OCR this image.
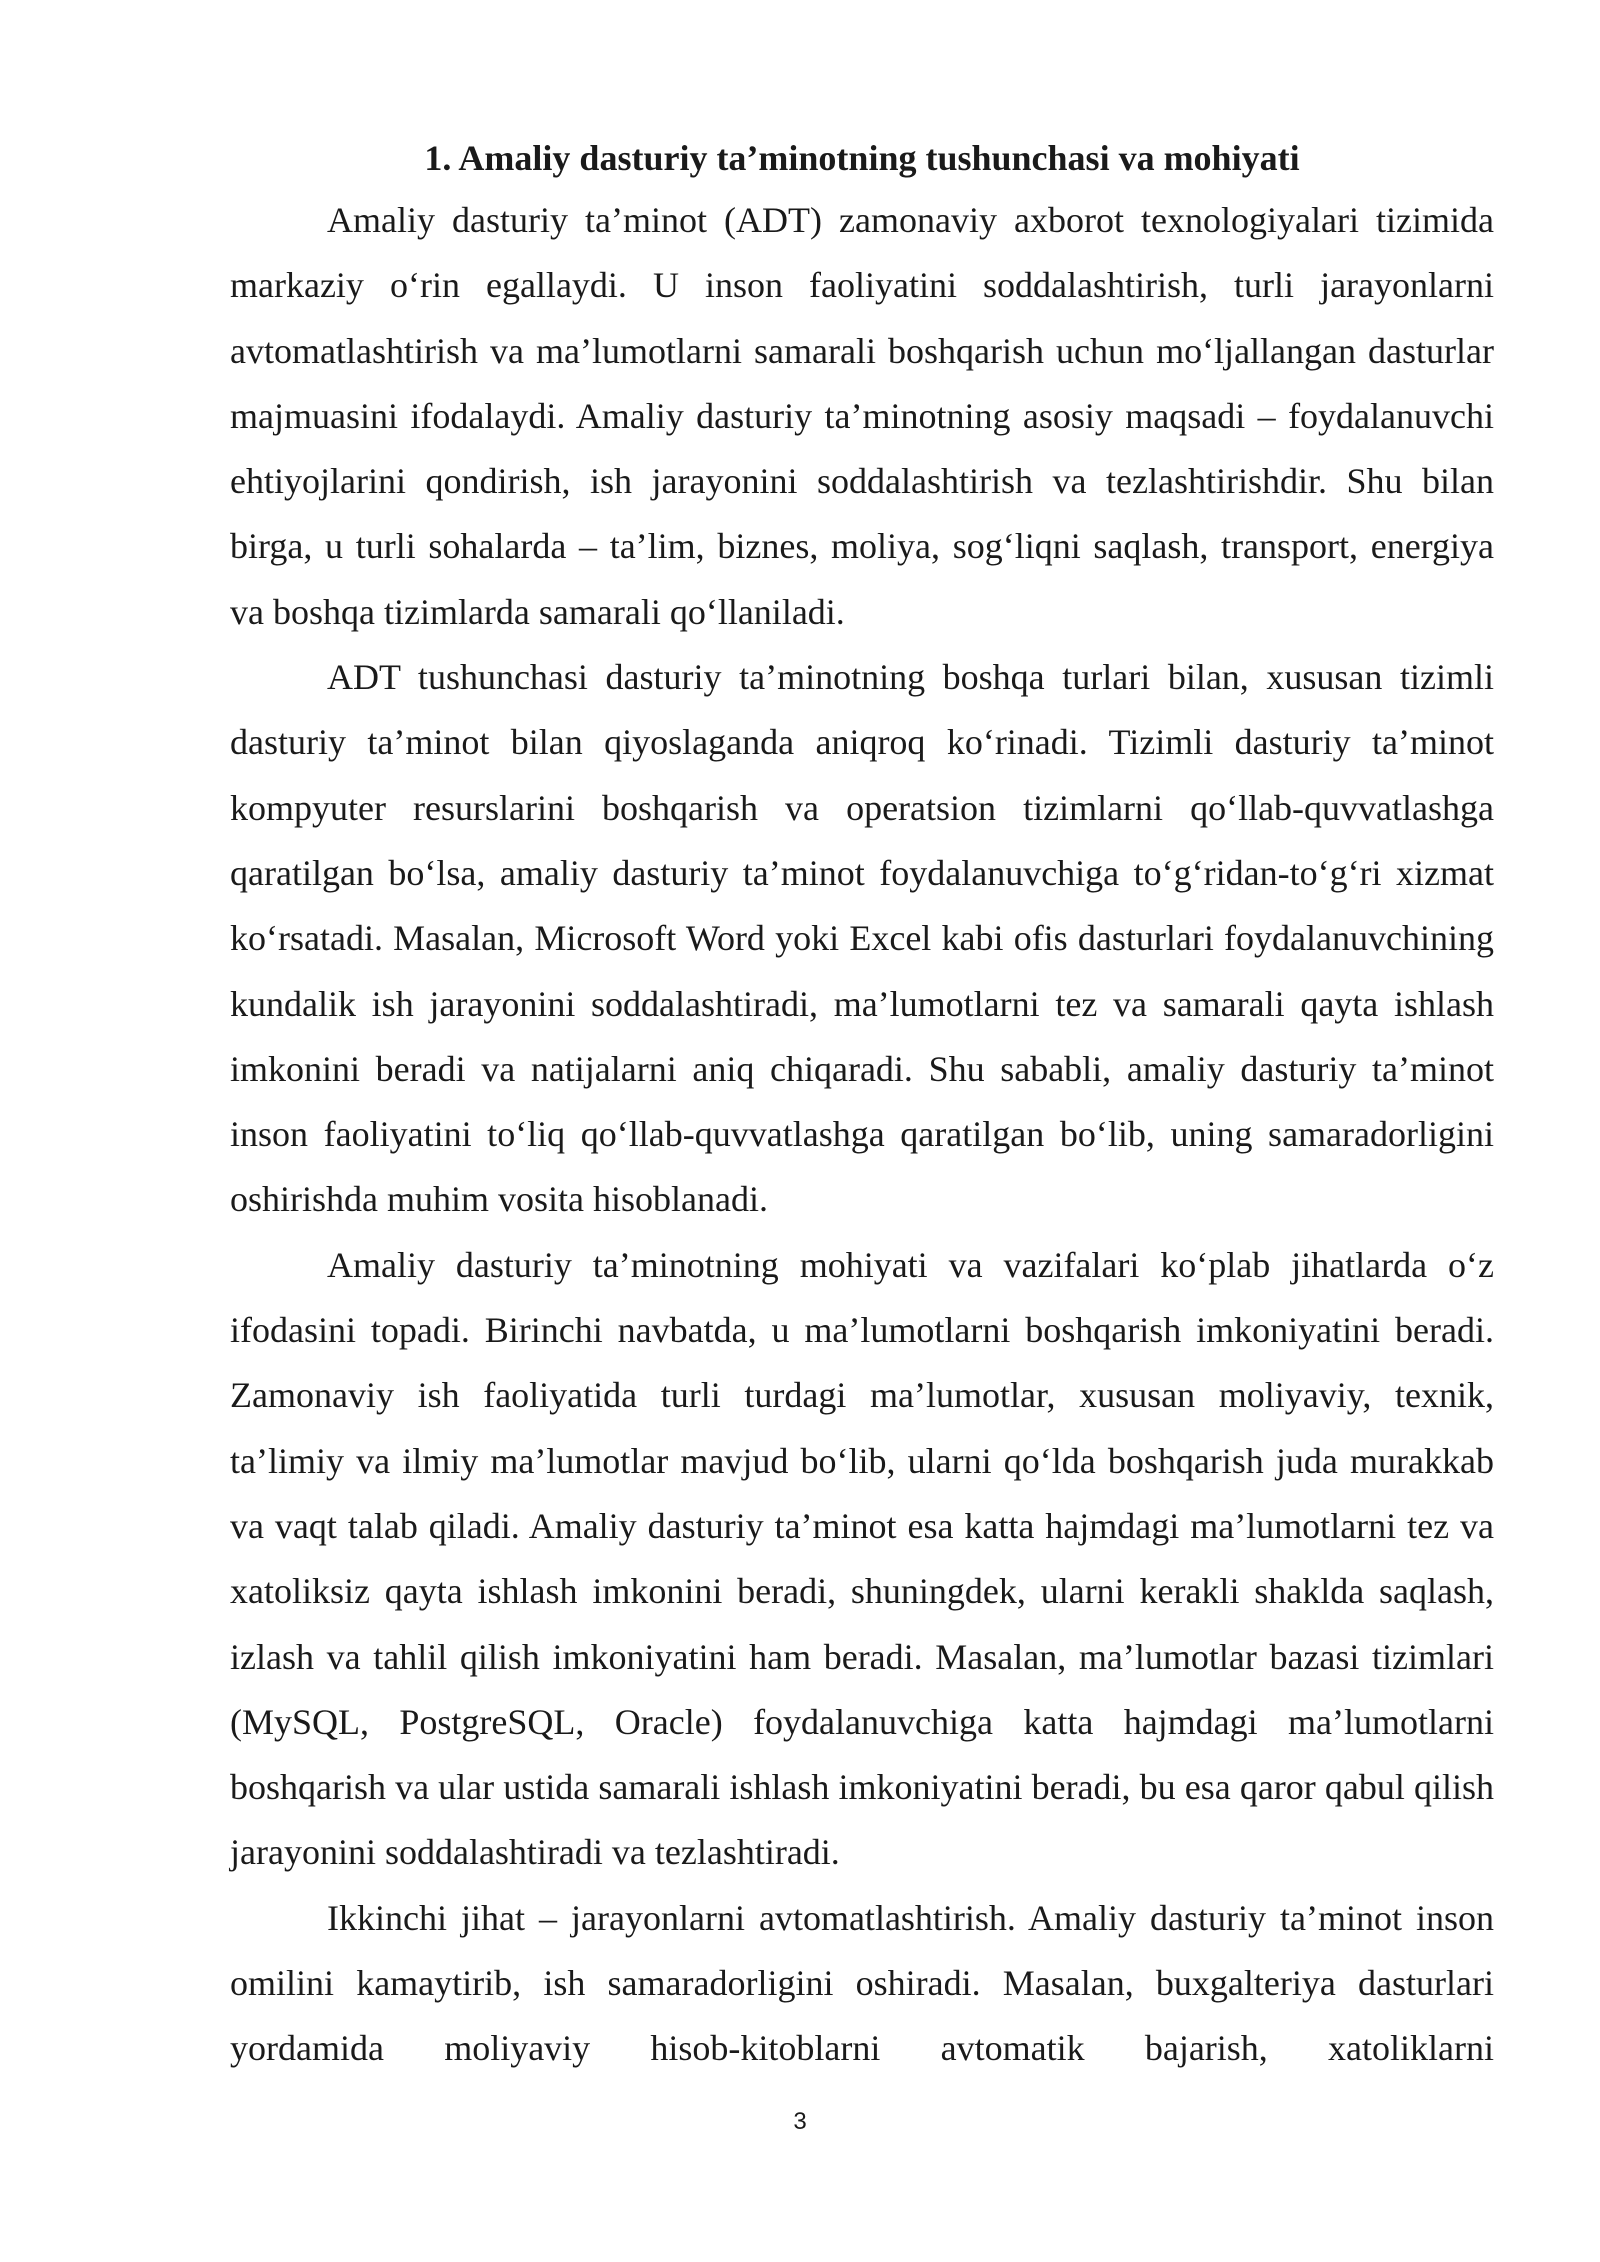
1. Amaliy dasturiy ta’minotning tushunchasi va mohiyati

Amaliy dasturiy ta’minot (ADT) zamonaviy axborot texnologiyalari tizimida markaziy o‘rin egallaydi. U inson faoliyatini soddalashtirish, turli jarayonlarni avtomatlashtirish va ma’lumotlarni samarali boshqarish uchun mo‘ljallangan dasturlar majmuasini ifodalaydi. Amaliy dasturiy ta’minotning asosiy maqsadi – foydalanuvchi ehtiyojlarini qondirish, ish jarayonini soddalashtirish va tezlashtirishdir. Shu bilan birga, u turli sohalarda – ta’lim, biznes, moliya, sog‘liqni saqlash, transport, energiya va boshqa tizimlarda samarali qo‘llaniladi.

ADT tushunchasi dasturiy ta’minotning boshqa turlari bilan, xususan tizimli dasturiy ta’minot bilan qiyoslaganda aniqroq ko‘rinadi. Tizimli dasturiy ta’minot kompyuter resurslarini boshqarish va operatsion tizimlarni qo‘llab-quvvatlashga qaratilgan bo‘lsa, amaliy dasturiy ta’minot foydalanuvchiga to‘g‘ridan-to‘g‘ri xizmat ko‘rsatadi. Masalan, Microsoft Word yoki Excel kabi ofis dasturlari foydalanuvchining kundalik ish jarayonini soddalashtiradi, ma’lumotlarni tez va samarali qayta ishlash imkonini beradi va natijalarni aniq chiqaradi. Shu sababli, amaliy dasturiy ta’minot inson faoliyatini to‘liq qo‘llab-quvvatlashga qaratilgan bo‘lib, uning samaradorligini oshirishda muhim vosita hisoblanadi.

Amaliy dasturiy ta’minotning mohiyati va vazifalari ko‘plab jihatlarda o‘z ifodasini topadi. Birinchi navbatda, u ma’lumotlarni boshqarish imkoniyatini beradi. Zamonaviy ish faoliyatida turli turdagi ma’lumotlar, xususan moliyaviy, texnik, ta’limiy va ilmiy ma’lumotlar mavjud bo‘lib, ularni qo‘lda boshqarish juda murakkab va vaqt talab qiladi. Amaliy dasturiy ta’minot esa katta hajmdagi ma’lumotlarni tez va xatoliksiz qayta ishlash imkonini beradi, shuningdek, ularni kerakli shaklda saqlash, izlash va tahlil qilish imkoniyatini ham beradi. Masalan, ma’lumotlar bazasi tizimlari (MySQL, PostgreSQL, Oracle) foydalanuvchiga katta hajmdagi ma’lumotlarni boshqarish va ular ustida samarali ishlash imkoniyatini beradi, bu esa qaror qabul qilish jarayonini soddalashtiradi va tezlashtiradi.

Ikkinchi jihat – jarayonlarni avtomatlashtirish. Amaliy dasturiy ta’minot inson omilini kamaytirib, ish samaradorligini oshiradi. Masalan, buxgalteriya dasturlari yordamida moliyaviy hisob-kitoblarni avtomatik bajarish, xatoliklarni

3
